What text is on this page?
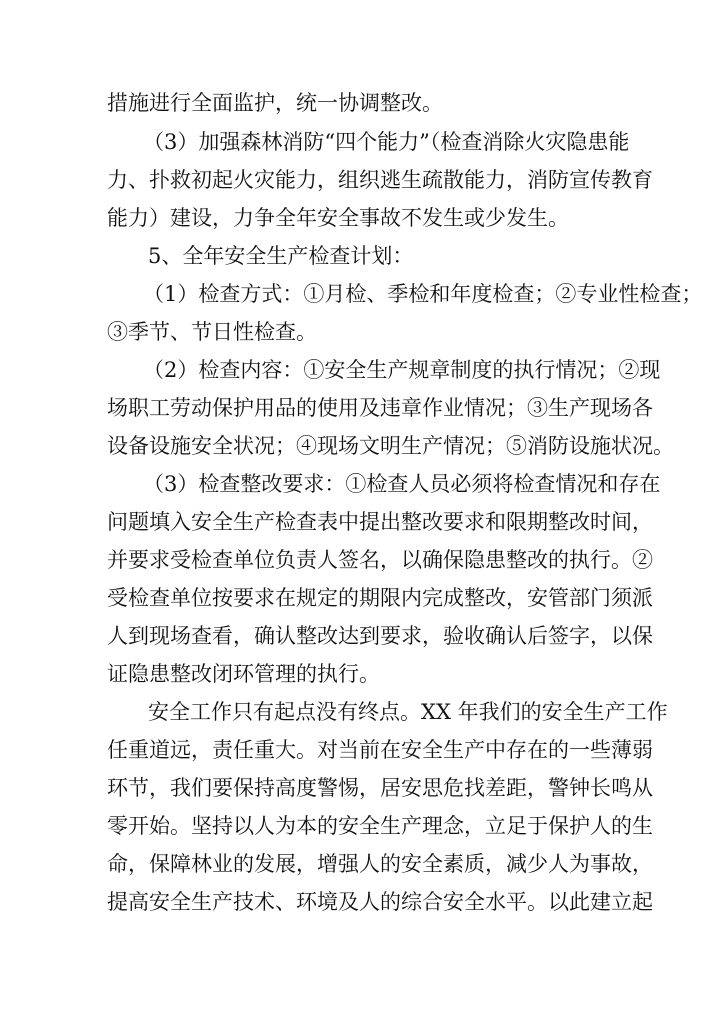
措施进行全面监护，统一协调整改。
（3）加强森林消防“四个能力”（检查消除火灾隐患能
力、扑救初起火灾能力，组织逃生疏散能力，消防宣传教育
能力）建设，力争全年安全事故不发生或少发生。
5、全年安全生产检查计划：
（1）检查方式：①月检、季检和年度检查；②专业性检查；
③季节、节日性检查。
（2）检查内容：①安全生产规章制度的执行情况；②现
场职工劳动保护用品的使用及违章作业情况；③生产现场各
设备设施安全状况；④现场文明生产情况；⑤消防设施状况。
（3）检查整改要求：①检查人员必须将检查情况和存在
问题填入安全生产检查表中提出整改要求和限期整改时间，
并要求受检查单位负责人签名，以确保隐患整改的执行。②
受检查单位按要求在规定的期限内完成整改，安管部门须派
人到现场查看，确认整改达到要求，验收确认后签字，以保
证隐患整改闭环管理的执行。
安全工作只有起点没有终点。XX 年我们的安全生产工作
任重道远，责任重大。对当前在安全生产中存在的一些薄弱
环节，我们要保持高度警惕，居安思危找差距，警钟长鸣从
零开始。坚持以人为本的安全生产理念，立足于保护人的生
命，保障林业的发展，增强人的安全素质，减少人为事故，
提高安全生产技术、环境及人的综合安全水平。以此建立起
